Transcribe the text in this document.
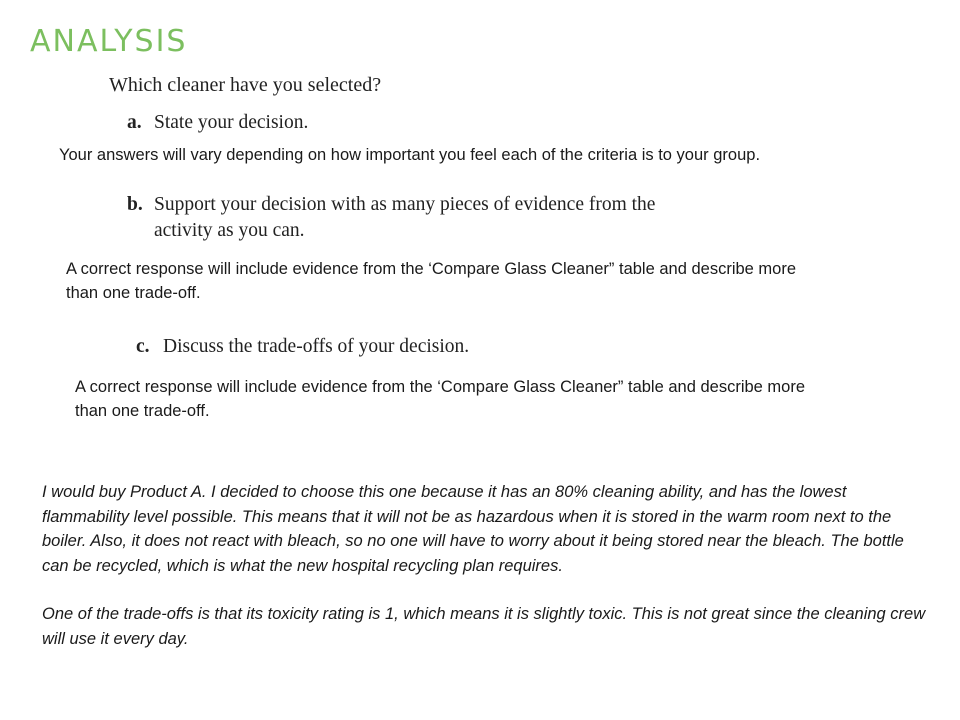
ANALYSIS
Which cleaner have you selected?
a. State your decision.
Your answers will vary depending on how important you feel each of the criteria is to your group.
b. Support your decision with as many pieces of evidence from the
activity as you can.
A correct response will include evidence from the ‘Compare Glass Cleaner” table and describe more than one trade-off.
c. Discuss the trade-offs of your decision.
A correct response will include evidence from the ‘Compare Glass Cleaner” table and describe more than one trade-off.

I would buy Product A. I decided to choose this one because it has an 80% cleaning ability, and has the lowest flammability level possible. This means that it will not be as hazardous when it is stored in the warm room next to the boiler. Also, it does not react with bleach, so no one will have to worry about it being stored near the bleach. The bottle can be recycled, which is what the new hospital recycling plan requires.

One of the trade-offs is that its toxicity rating is 1, which means it is slightly toxic. This is not great since the cleaning crew will use it every day.
